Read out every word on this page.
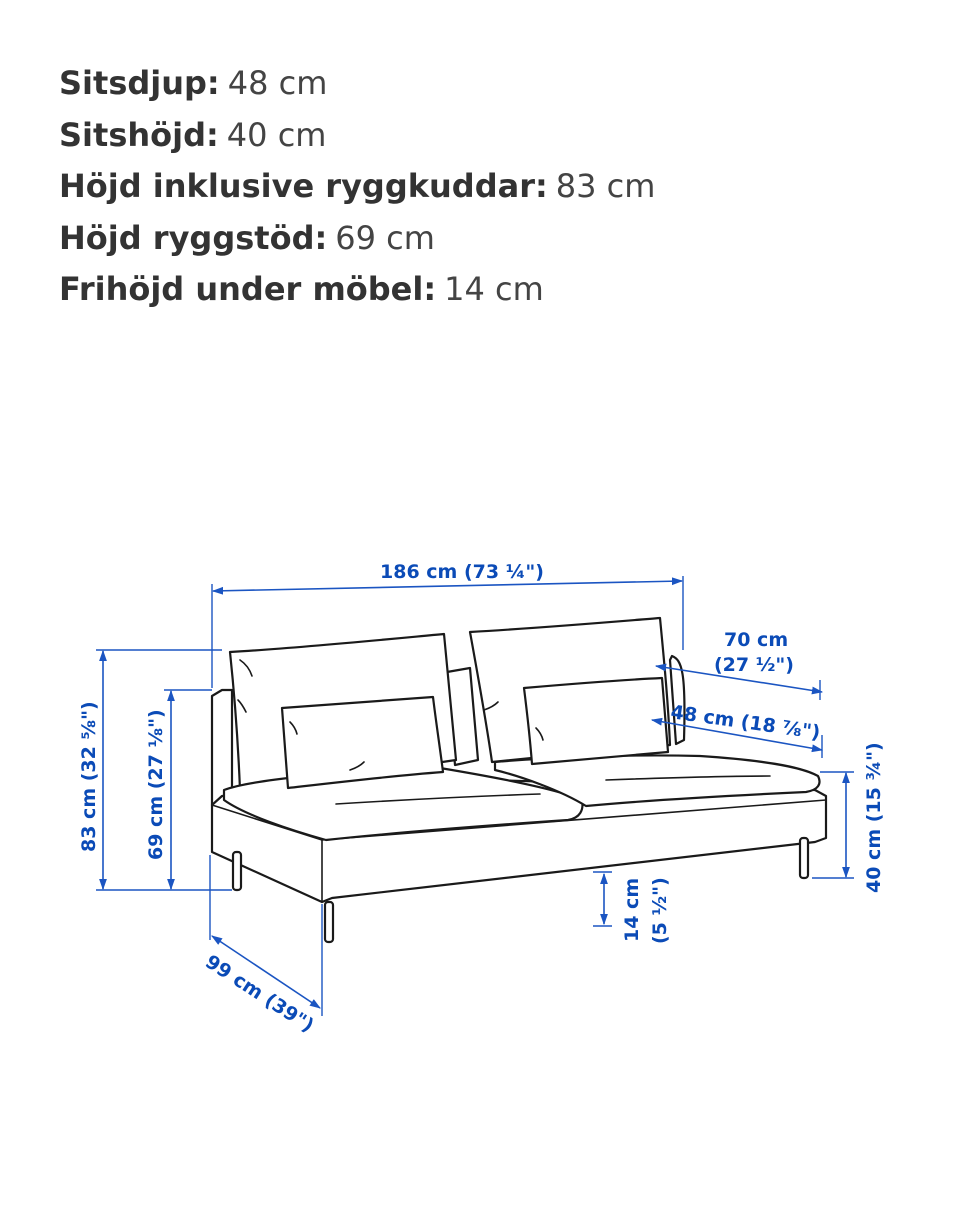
Sitsdjup: 48 cm
Sitshöjd: 40 cm
Höjd inklusive ryggkuddar: 83 cm
Höjd ryggstöd: 69 cm
Frihöjd under möbel: 14 cm
186 cm (73 ¼")
70 cm
(27 ½")
48 cm (18 ⅞")
83 cm (32 ⅝") 69 cm (27 ⅛")	40 cm (15 ¾")
14 cm (5 ½")
99 cm (39")
